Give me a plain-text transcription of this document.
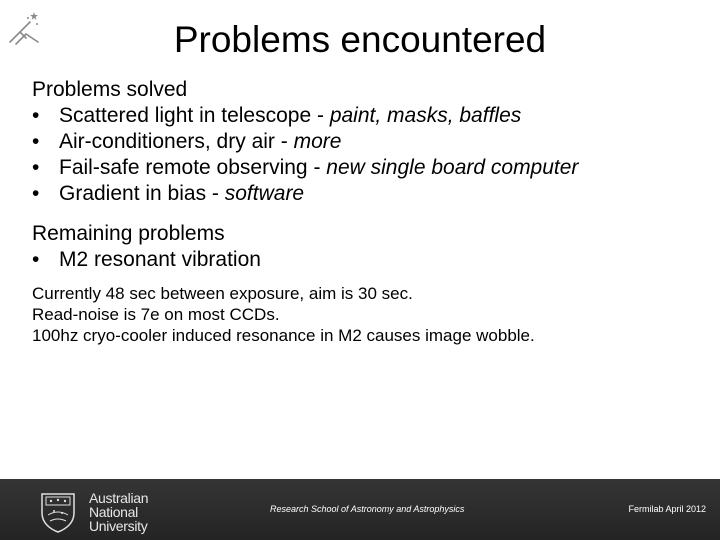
Problems encountered
Problems solved
• Scattered light in telescope - paint, masks, baffles
• Air-conditioners, dry air - more
• Fail-safe remote observing - new single board computer
• Gradient in bias - software
Remaining problems
• M2 resonant vibration
Currently 48 sec between exposure, aim is 30 sec.
Read-noise is 7e on most CCDs.
100hz cryo-cooler induced resonance in M2 causes image wobble.
Australian
National
University
Research School of Astronomy and Astrophysics	Fermilab April 2012
